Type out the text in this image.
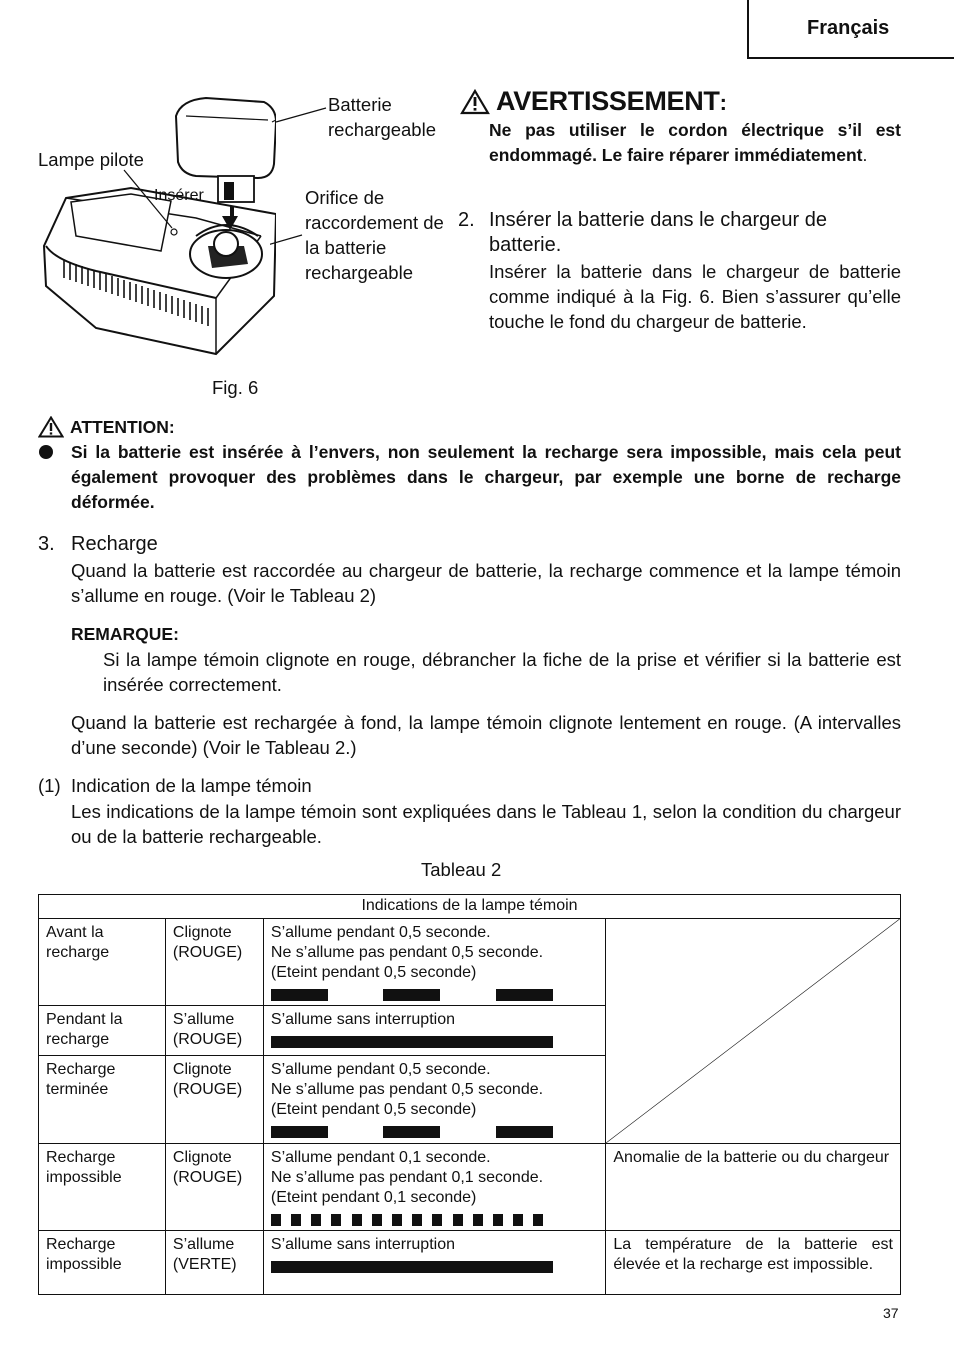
Français
Batterie rechargeable
Lampe pilote
Insérer	Orifice de raccordement de la batterie rechargeable
Fig. 6
AVERTISSEMENT:
Ne pas utiliser le cordon électrique s’il est endommagé. Le faire réparer immédiatement.
2. Insérer la batterie dans le chargeur de batterie.
Insérer la batterie dans le chargeur de batterie comme indiqué à la Fig. 6. Bien s’assurer qu’elle touche le fond du chargeur de batterie.
ATTENTION:
Si la batterie est insérée à l’envers, non seulement la recharge sera impossible, mais cela peut également provoquer des problèmes dans le chargeur, par exemple une borne de recharge déformée.
3. Recharge
Quand la batterie est raccordée au chargeur de batterie, la recharge commence et la lampe témoin s’allume en rouge. (Voir le Tableau 2)
REMARQUE:
Si la lampe témoin clignote en rouge, débrancher la fiche de la prise et vérifier si la batterie est insérée correctement.
Quand la batterie est rechargée à fond, la lampe témoin clignote lentement en rouge. (A intervalles d’une seconde) (Voir le Tableau 2.)
(1) Indication de la lampe témoin
Les indications de la lampe témoin sont expliquées dans le Tableau 1, selon la condition du chargeur ou de la batterie rechargeable.
Tableau 2
Indications de la lampe témoin			
Avant la recharge	Clignote (ROUGE)	S’allume pendant 0,5 seconde.
Ne s’allume pas pendant 0,5 seconde.
(Eteint pendant 0,5 seconde)

Pendant la recharge	S’allume (ROUGE)	S’allume sans interruption	

Recharge terminée	Clignote (ROUGE)	S’allume pendant 0,5 seconde.
Ne s’allume pas pendant 0,5 seconde.
(Eteint pendant 0,5 seconde)	

Recharge impossible	Clignote (ROUGE)	S’allume pendant 0,1 seconde.
Ne s’allume pas pendant 0,1 seconde.
(Eteint pendant 0,1 seconde)	Anomalie de la batterie ou du chargeur
Recharge impossible	S’allume (VERTE)	S’allume sans interruption	La température de la batterie est élevée et la recharge est impossible.
37
